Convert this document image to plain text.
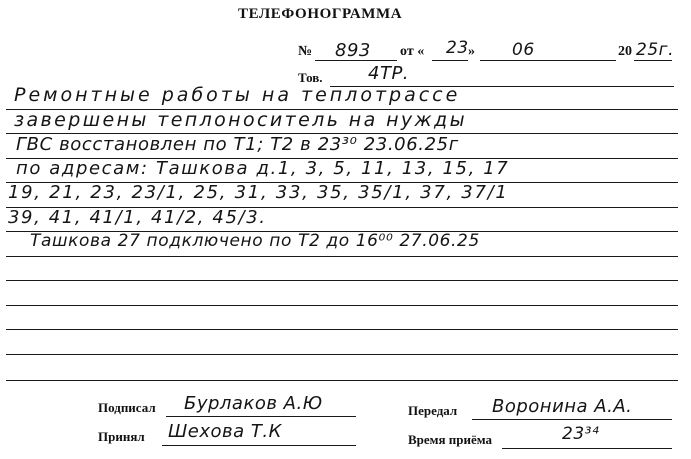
ТЕЛЕФОНОГРАММА
№ 893 от « 23 » 06	20 25г.
Тов.	4ТР.
Ремонтные работы на теплотрассе
завершены теплоноситель на нужды
ГВС восстановлен по Т1; Т2 в 23³⁰ 23.06.25г
по адресам: Ташкова д.1, 3, 5, 11, 13, 15, 17
19, 21, 23, 23/1, 25, 31, 33, 35, 35/1, 37, 37/1
39, 41, 41/1, 41/2, 45/3.
Ташкова 27 подключено по Т2 до 16⁰⁰ 27.06.25
Подписал Бурлаков А.Ю	Передал Воронина А.А.
Принял Шехова Т.К	Время приёма	23³⁴
